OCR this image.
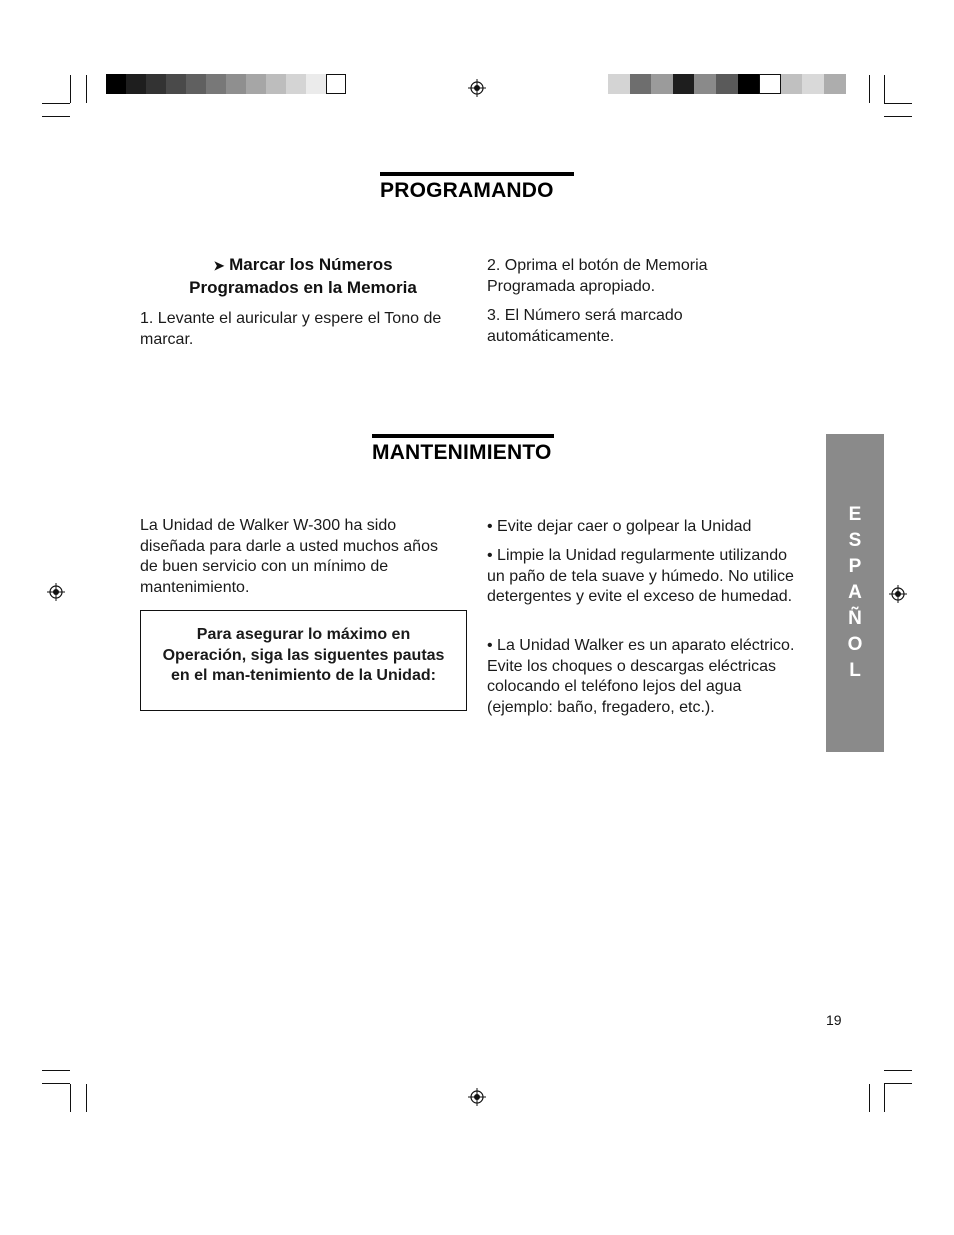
PROGRAMANDO
➤ Marcar los Números
Programados en la Memoria

1. Levante el auricular y espere el Tono de marcar.

2. Oprima el botón de Memoria Programada apropiado.

3. El Número será marcado automáticamente.

MANTENIMIENTO

La Unidad de Walker W-300 ha sido diseñada para darle a usted muchos años de buen servicio con un mínimo de mantenimiento.

Para asegurar lo máximo en
Operación, siga las siguentes pautas
en el man-tenimiento de la Unidad:

• Evite dejar caer o golpear la Unidad

• Limpie la Unidad regularmente utilizando un paño de tela suave y húmedo. No utilice detergentes y evite el exceso de humedad.

• La Unidad Walker es un aparato eléctrico. Evite los choques o descargas eléctricas colocando el teléfono lejos del agua (ejemplo: baño, fregadero, etc.).

E
S
P
A
Ñ
O
L
19
